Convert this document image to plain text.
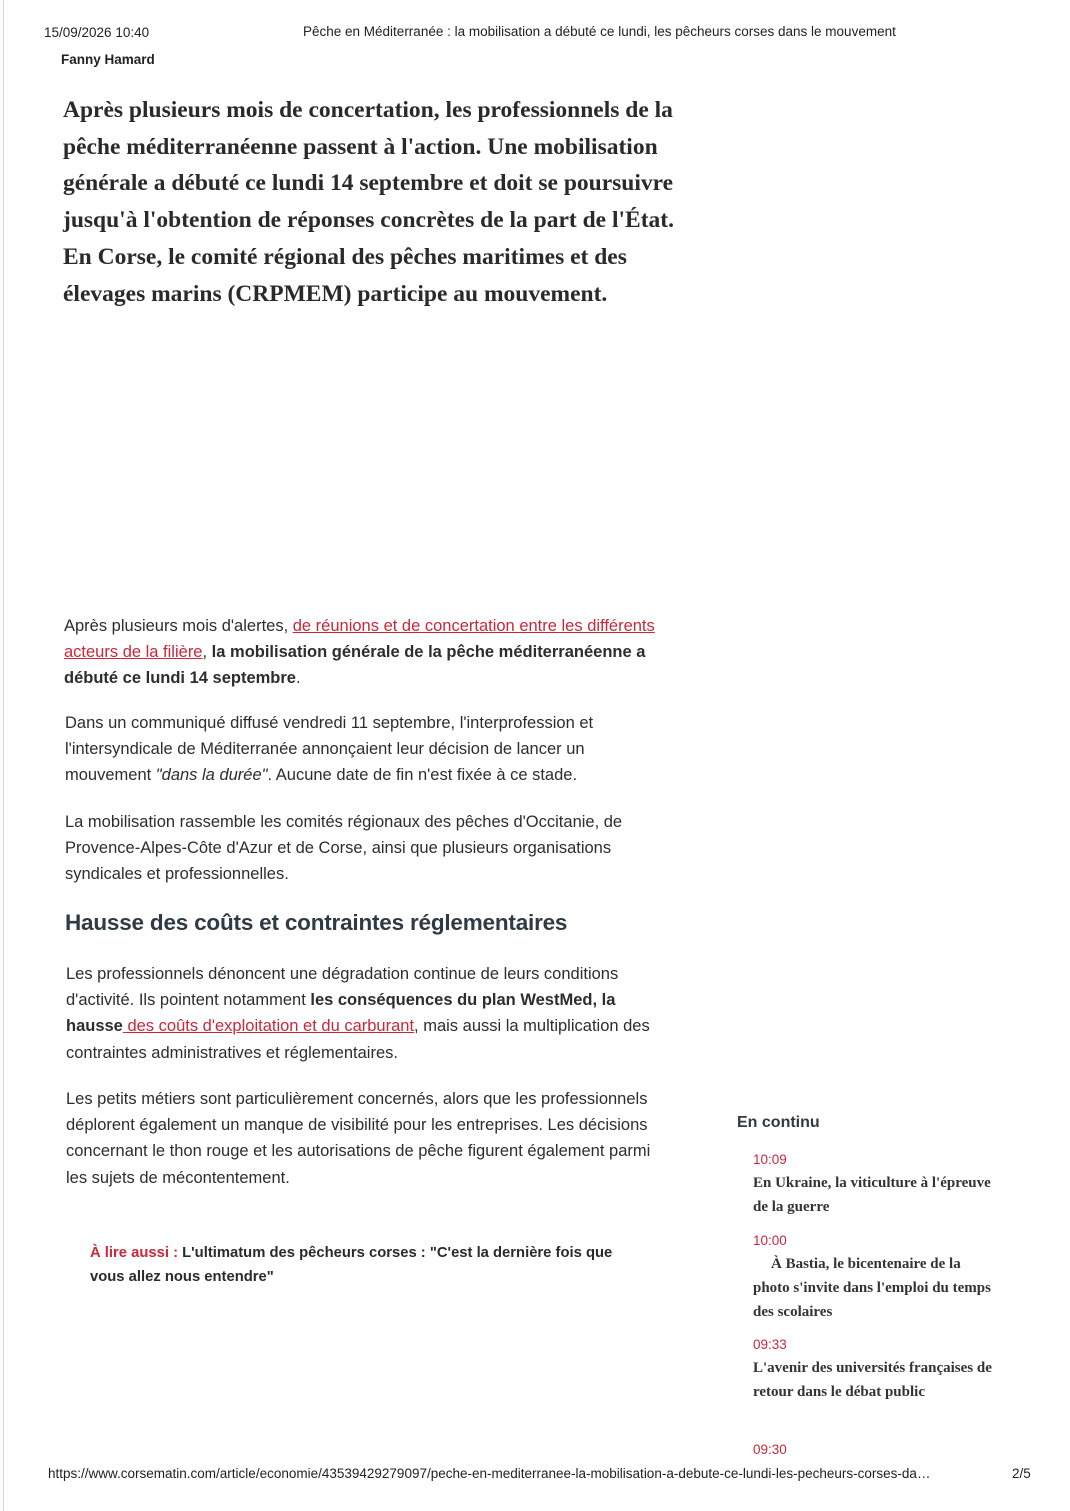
15/09/2026 10:40	Pêche en Méditerranée : la mobilisation a débuté ce lundi, les pêcheurs corses dans le mouvement
Fanny Hamard
Après plusieurs mois de concertation, les professionnels de la pêche méditerranéenne passent à l'action. Une mobilisation générale a débuté ce lundi 14 septembre et doit se poursuivre jusqu'à l'obtention de réponses concrètes de la part de l'État. En Corse, le comité régional des pêches maritimes et des élevages marins (CRPMEM) participe au mouvement.
Après plusieurs mois d'alertes, de réunions et de concertation entre les différents acteurs de la filière, la mobilisation générale de la pêche méditerranéenne a débuté ce lundi 14 septembre.
Dans un communiqué diffusé vendredi 11 septembre, l'interprofession et l'intersyndicale de Méditerranée annonçaient leur décision de lancer un mouvement "dans la durée". Aucune date de fin n'est fixée à ce stade.
La mobilisation rassemble les comités régionaux des pêches d'Occitanie, de Provence-Alpes-Côte d'Azur et de Corse, ainsi que plusieurs organisations syndicales et professionnelles.
Hausse des coûts et contraintes réglementaires
Les professionnels dénoncent une dégradation continue de leurs conditions d'activité. Ils pointent notamment les conséquences du plan WestMed, la hausse des coûts d'exploitation et du carburant, mais aussi la multiplication des contraintes administratives et réglementaires.
Les petits métiers sont particulièrement concernés, alors que les professionnels déplorent également un manque de visibilité pour les entreprises. Les décisions concernant le thon rouge et les autorisations de pêche figurent également parmi les sujets de mécontentement.
À lire aussi : L'ultimatum des pêcheurs corses : "C'est la dernière fois que vous allez nous entendre"
En continu
10:09
En Ukraine, la viticulture à l'épreuve de la guerre
10:00
À Bastia, le bicentenaire de la photo s'invite dans l'emploi du temps des scolaires
09:33
L'avenir des universités françaises de retour dans le débat public
09:30
https://www.corsematin.com/article/economie/43539429279097/peche-en-mediterranee-la-mobilisation-a-debute-ce-lundi-les-pecheurs-corses-da…	2/5
